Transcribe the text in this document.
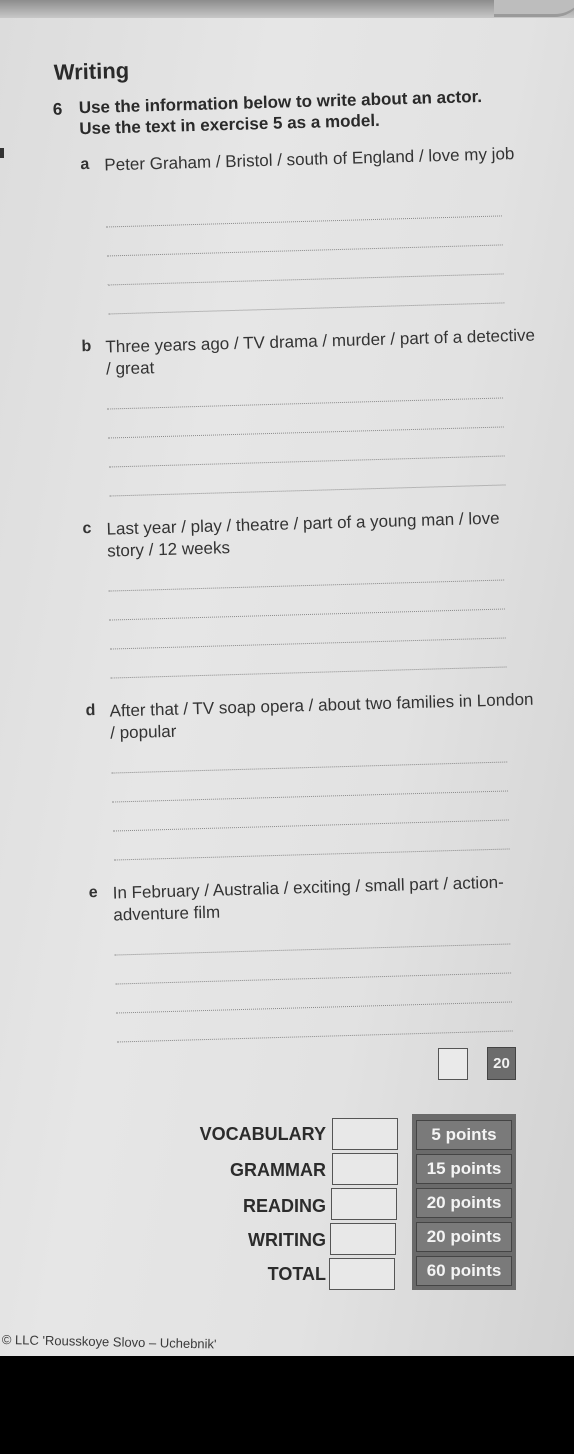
Writing
6 Use the information below to write about an actor. Use the text in exercise 5 as a model.
a Peter Graham / Bristol / south of England / love my job
b Three years ago / TV drama / murder / part of a detective / great
c Last year / play / theatre / part of a young man / love story / 12 weeks
d After that / TV soap opera / about two families in London / popular
e In February / Australia / exciting / small part / action-adventure film
20
VOCABULARY
GRAMMAR
READING
WRITING
TOTAL
5 points
15 points
20 points
20 points
60 points
© LLC 'Rousskoye Slovo – Uchebnik'
